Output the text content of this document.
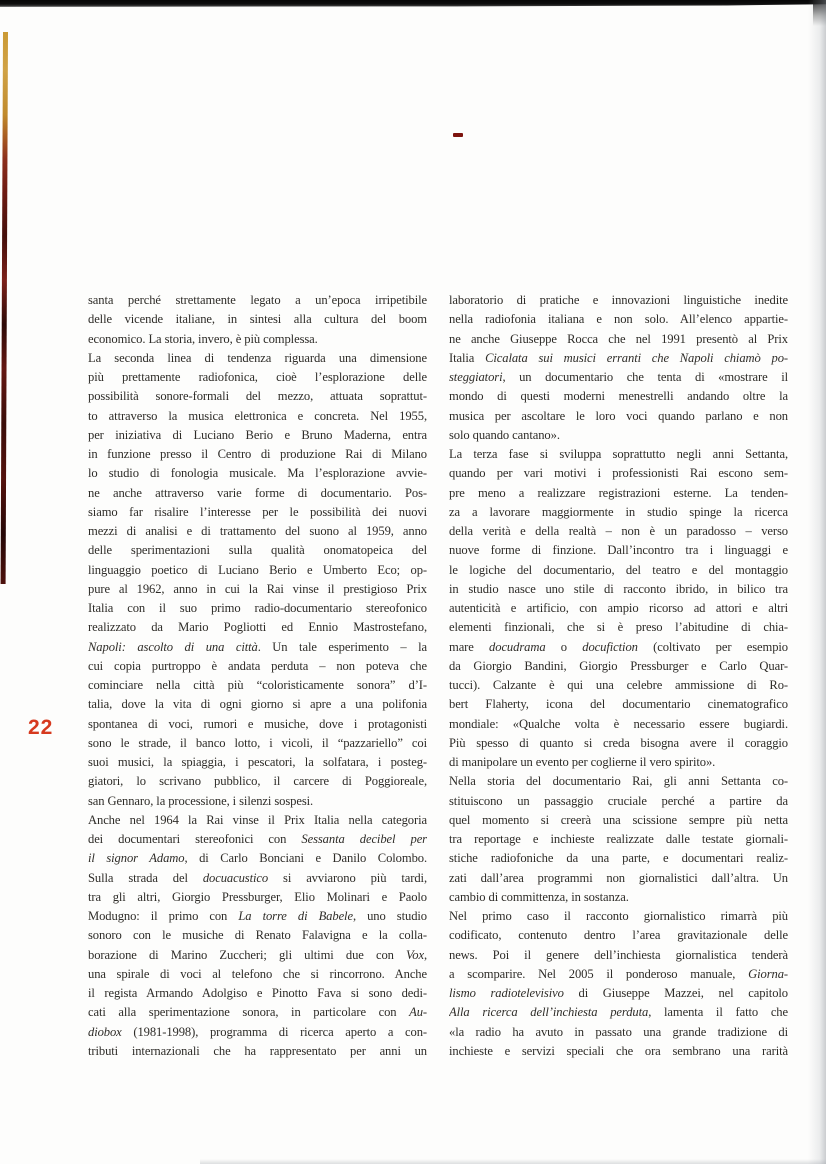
22
santa perché strettamente legato a un’epoca irripetibile
delle vicende italiane, in sintesi alla cultura del boom
economico. La storia, invero, è più complessa.
La seconda linea di tendenza riguarda una dimensione
più prettamente radiofonica, cioè l’esplorazione delle
possibilità sonore-formali del mezzo, attuata soprattut-
to attraverso la musica elettronica e concreta. Nel 1955,
per iniziativa di Luciano Berio e Bruno Maderna, entra
in funzione presso il Centro di produzione Rai di Milano
lo studio di fonologia musicale. Ma l’esplorazione avvie-
ne anche attraverso varie forme di documentario. Pos-
siamo far risalire l’interesse per le possibilità dei nuovi
mezzi di analisi e di trattamento del suono al 1959, anno
delle sperimentazioni sulla qualità onomatopeica del
linguaggio poetico di Luciano Berio e Umberto Eco; op-
pure al 1962, anno in cui la Rai vinse il prestigioso Prix
Italia con il suo primo radio-documentario stereofonico
realizzato da Mario Pogliotti ed Ennio Mastrostefano,
Napoli: ascolto di una città. Un tale esperimento – la
cui copia purtroppo è andata perduta – non poteva che
cominciare nella città più “coloristicamente sonora” d’I-
talia, dove la vita di ogni giorno si apre a una polifonia
spontanea di voci, rumori e musiche, dove i protagonisti
sono le strade, il banco lotto, i vicoli, il “pazzariello” coi
suoi musici, la spiaggia, i pescatori, la solfatara, i posteg-
giatori, lo scrivano pubblico, il carcere di Poggioreale,
san Gennaro, la processione, i silenzi sospesi.
Anche nel 1964 la Rai vinse il Prix Italia nella categoria
dei documentari stereofonici con Sessanta decibel per
il signor Adamo, di Carlo Bonciani e Danilo Colombo.
Sulla strada del docuacustico si avviarono più tardi,
tra gli altri, Giorgio Pressburger, Elio Molinari e Paolo
Modugno: il primo con La torre di Babele, uno studio
sonoro con le musiche di Renato Falavigna e la colla-
borazione di Marino Zuccheri; gli ultimi due con Vox,
una spirale di voci al telefono che si rincorrono. Anche
il regista Armando Adolgiso e Pinotto Fava si sono dedi-
cati alla sperimentazione sonora, in particolare con Au-
diobox (1981-1998), programma di ricerca aperto a con-
tributi internazionali che ha rappresentato per anni un
laboratorio di pratiche e innovazioni linguistiche inedite
nella radiofonia italiana e non solo. All’elenco appartie-
ne anche Giuseppe Rocca che nel 1991 presentò al Prix
Italia Cicalata sui musici erranti che Napoli chiamò po-
steggiatori, un documentario che tenta di «mostrare il
mondo di questi moderni menestrelli andando oltre la
musica per ascoltare le loro voci quando parlano e non
solo quando cantano».
La terza fase si sviluppa soprattutto negli anni Settanta,
quando per vari motivi i professionisti Rai escono sem-
pre meno a realizzare registrazioni esterne. La tenden-
za a lavorare maggiormente in studio spinge la ricerca
della verità e della realtà – non è un paradosso – verso
nuove forme di finzione. Dall’incontro tra i linguaggi e
le logiche del documentario, del teatro e del montaggio
in studio nasce uno stile di racconto ibrido, in bilico tra
autenticità e artificio, con ampio ricorso ad attori e altri
elementi finzionali, che si è preso l’abitudine di chia-
mare docudrama o docufiction (coltivato per esempio
da Giorgio Bandini, Giorgio Pressburger e Carlo Quar-
tucci). Calzante è qui una celebre ammissione di Ro-
bert Flaherty, icona del documentario cinematografico
mondiale: «Qualche volta è necessario essere bugiardi.
Più spesso di quanto si creda bisogna avere il coraggio
di manipolare un evento per coglierne il vero spirito».
Nella storia del documentario Rai, gli anni Settanta co-
stituiscono un passaggio cruciale perché a partire da
quel momento si creerà una scissione sempre più netta
tra reportage e inchieste realizzate dalle testate giornali-
stiche radiofoniche da una parte, e documentari realiz-
zati dall’area programmi non giornalistici dall’altra. Un
cambio di committenza, in sostanza.
Nel primo caso il racconto giornalistico rimarrà più
codificato, contenuto dentro l’area gravitazionale delle
news. Poi il genere dell’inchiesta giornalistica tenderà
a scomparire. Nel 2005 il ponderoso manuale, Giorna-
lismo radiotelevisivo di Giuseppe Mazzei, nel capitolo
Alla ricerca dell’inchiesta perduta, lamenta il fatto che
«la radio ha avuto in passato una grande tradizione di
inchieste e servizi speciali che ora sembrano una rarità
